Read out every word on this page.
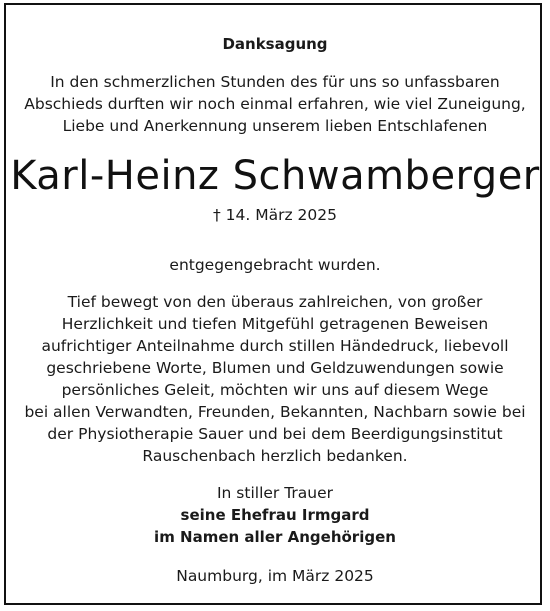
Danksagung
In den schmerzlichen Stunden des für uns so unfassbaren
Abschieds durften wir noch einmal erfahren, wie viel Zuneigung,
Liebe und Anerkennung unserem lieben Entschlafenen
Karl-Heinz Schwamberger
† 14. März 2025
entgegengebracht wurden.
Tief bewegt von den überaus zahlreichen, von großer
Herzlichkeit und tiefen Mitgefühl getragenen Beweisen
aufrichtiger Anteilnahme durch stillen Händedruck, liebevoll
geschriebene Worte, Blumen und Geldzuwendungen sowie
persönliches Geleit, möchten wir uns auf diesem Wege
bei allen Verwandten, Freunden, Bekannten, Nachbarn sowie bei
der Physiotherapie Sauer und bei dem Beerdigungsinstitut
Rauschenbach herzlich bedanken.
In stiller Trauer
seine Ehefrau Irmgard
im Namen aller Angehörigen
Naumburg, im März 2025
